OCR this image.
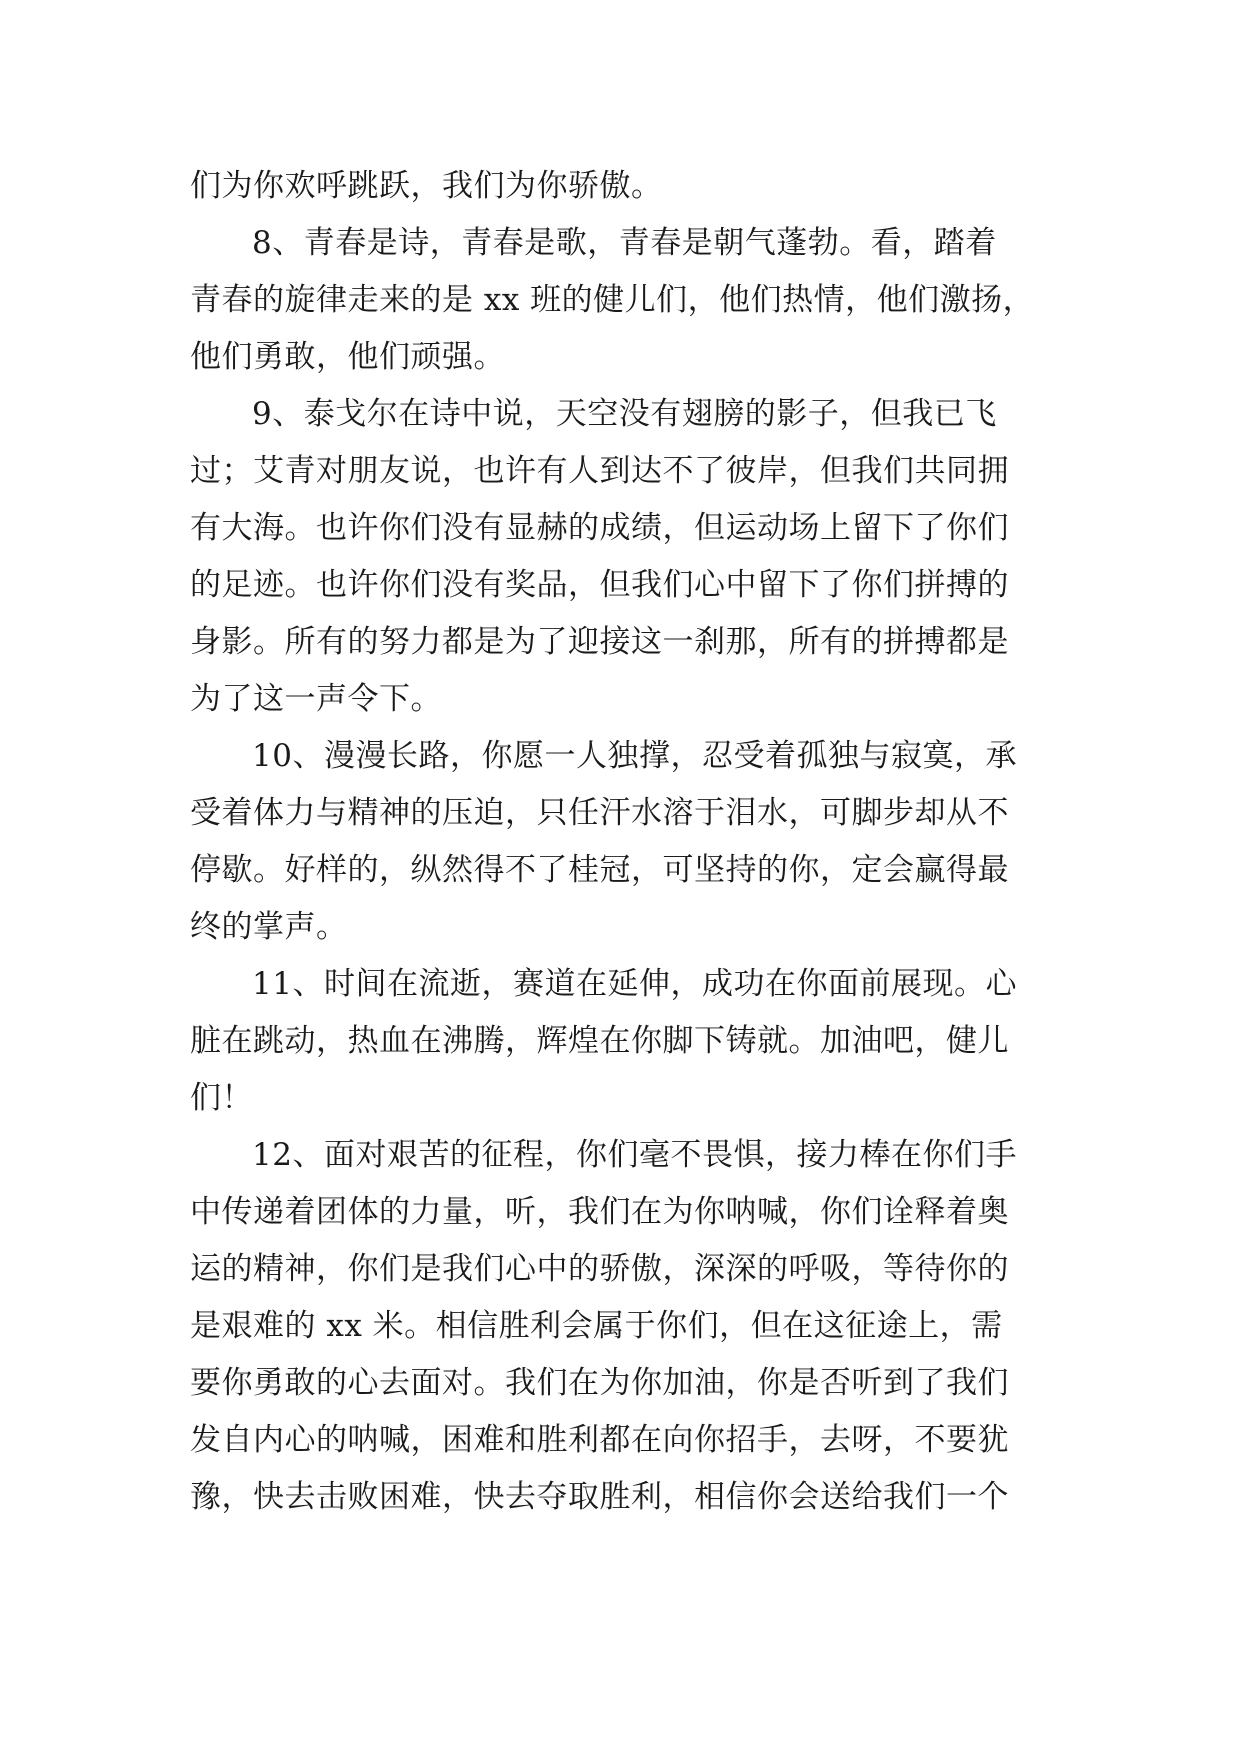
们为你欢呼跳跃，我们为你骄傲。
8、青春是诗，青春是歌，青春是朝气蓬勃。看，踏着
青春的旋律走来的是 xx 班的健儿们，他们热情，他们激扬，
他们勇敢，他们顽强。
9、泰戈尔在诗中说，天空没有翅膀的影子，但我已飞
过；艾青对朋友说，也许有人到达不了彼岸，但我们共同拥
有大海。也许你们没有显赫的成绩，但运动场上留下了你们
的足迹。也许你们没有奖品，但我们心中留下了你们拼搏的
身影。所有的努力都是为了迎接这一刹那，所有的拼搏都是
为了这一声令下。
10、漫漫长路，你愿一人独撑，忍受着孤独与寂寞，承
受着体力与精神的压迫，只任汗水溶于泪水，可脚步却从不
停歇。好样的，纵然得不了桂冠，可坚持的你，定会赢得最
终的掌声。
11、时间在流逝，赛道在延伸，成功在你面前展现。心
脏在跳动，热血在沸腾，辉煌在你脚下铸就。加油吧，健儿
们！
12、面对艰苦的征程，你们毫不畏惧，接力棒在你们手
中传递着团体的力量，听，我们在为你呐喊，你们诠释着奥
运的精神，你们是我们心中的骄傲，深深的呼吸，等待你的
是艰难的 xx 米。相信胜利会属于你们，但在这征途上，需
要你勇敢的心去面对。我们在为你加油，你是否听到了我们
发自内心的呐喊，困难和胜利都在向你招手，去呀，不要犹
豫，快去击败困难，快去夺取胜利，相信你会送给我们一个
